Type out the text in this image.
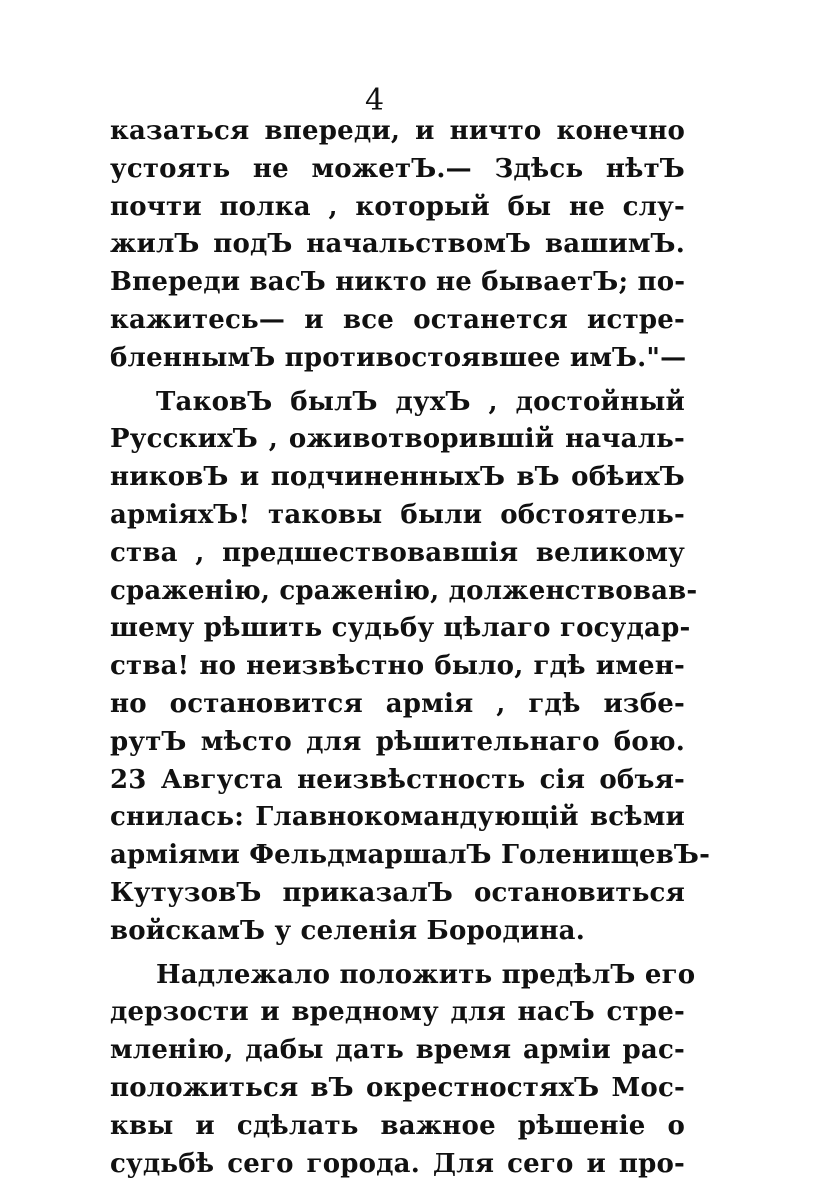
4
казаться впереди, и ничто конечно
устоять не можетЪ.— Здѣсь нѣтЪ
почти полка , который бы не слу-
жилЪ подЪ начальствомЪ вашимЪ.
Впереди васЪ никто не бываетЪ; по-
кажитесь— и все останется истре-
бленнымЪ противостоявшее имЪ."—
ТаковЪ былЪ духЪ , достойный
РусскихЪ , оживотворившій началь-
никовЪ и подчиненныхЪ вЪ обѣихЪ
арміяхЪ! таковы были обстоятель-
ства , предшествовавшія великому
сраженію, сраженію, долженствовав-
шему рѣшить судьбу цѣлаго государ-
ства! но неизвѣстно было, гдѣ имен-
но остановится армія , гдѣ избе-
рутЪ мѣсто для рѣшительнаго бою.
23 Августа неизвѣстность сія объя-
снилась: Главнокомандующій всѣми
арміями ФельдмаршалЪ ГоленищевЪ-
КутузовЪ приказалЪ остановиться
войскамЪ у селенія Бородина.
Надлежало положить предѣлЪ его
дерзости и вредному для насЪ стре-
мленію, дабы дать время арміи рас-
положиться вЪ окрестностяхЪ Мос-
квы и сдѣлать важное рѣшеніе о
судьбѣ сего города. Для сего и про-
